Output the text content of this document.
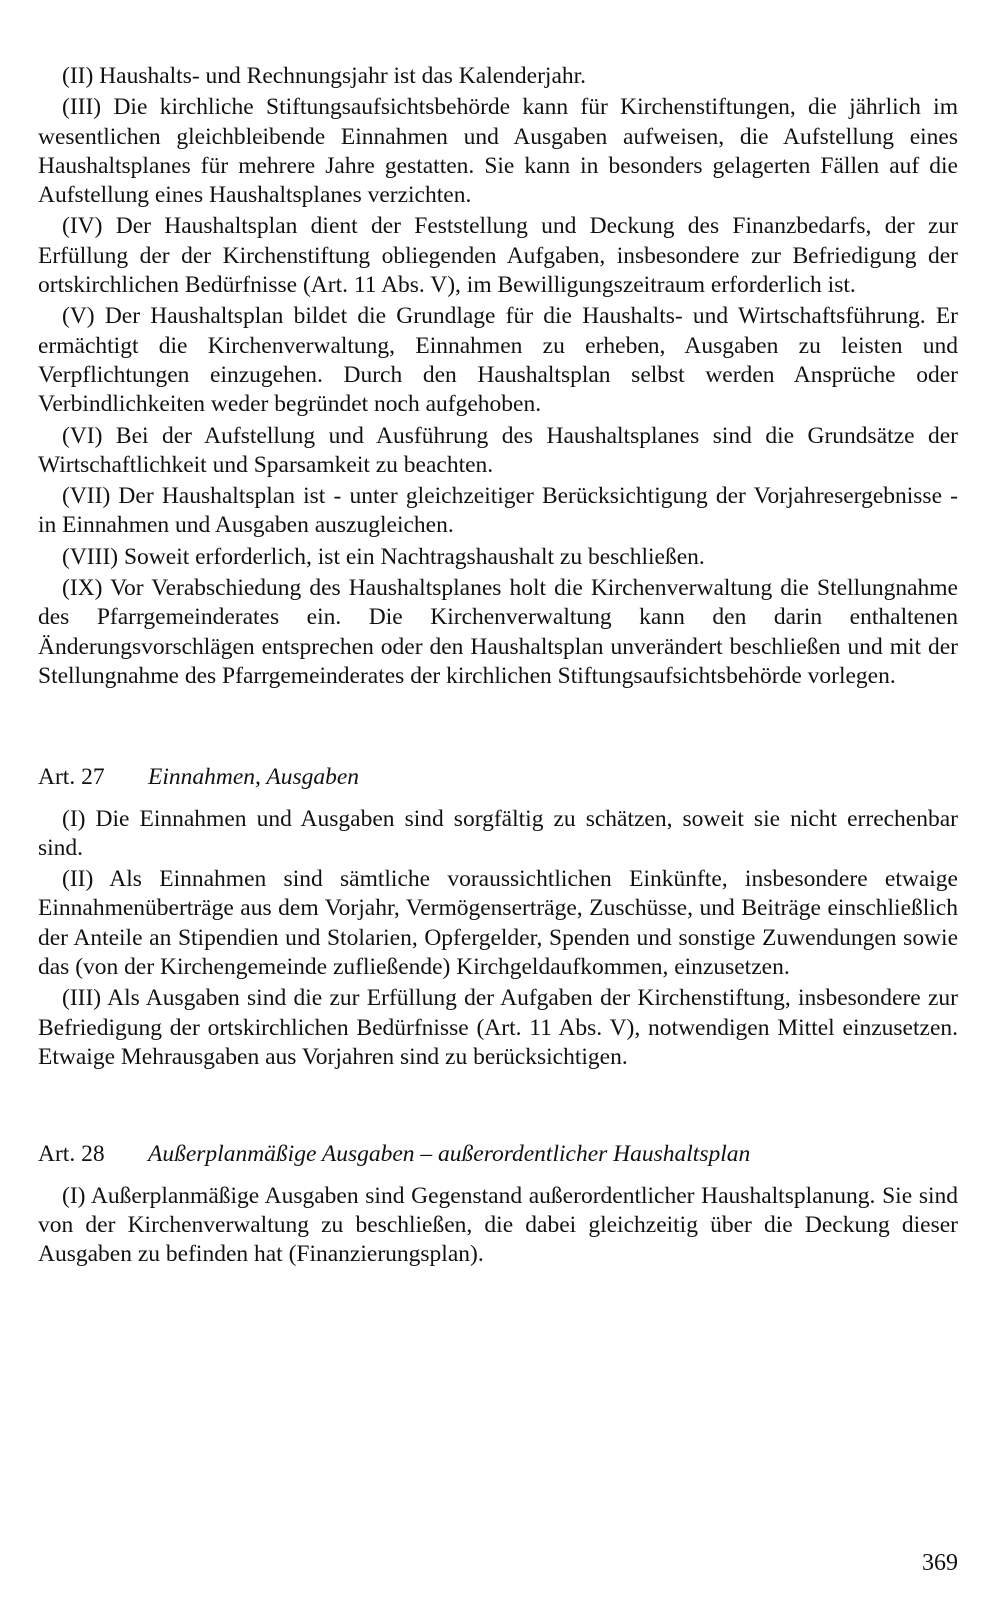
(II) Haushalts- und Rechnungsjahr ist das Kalenderjahr.

(III) Die kirchliche Stiftungsaufsichtsbehörde kann für Kirchenstiftungen, die jährlich im wesentlichen gleichbleibende Einnahmen und Ausgaben aufweisen, die Aufstellung eines Haushaltsplanes für mehrere Jahre gestatten. Sie kann in besonders gelagerten Fällen auf die Aufstellung eines Haushaltsplanes verzichten.

(IV) Der Haushaltsplan dient der Feststellung und Deckung des Finanzbedarfs, der zur Erfüllung der der Kirchenstiftung obliegenden Aufgaben, insbesondere zur Befriedigung der ortskirchlichen Bedürfnisse (Art. 11 Abs. V), im Bewilligungszeitraum erforderlich ist.

(V) Der Haushaltsplan bildet die Grundlage für die Haushalts- und Wirtschaftsführung. Er ermächtigt die Kirchenverwaltung, Einnahmen zu erheben, Ausgaben zu leisten und Verpflichtungen einzugehen. Durch den Haushaltsplan selbst werden Ansprüche oder Verbindlichkeiten weder begründet noch aufgehoben.

(VI) Bei der Aufstellung und Ausführung des Haushaltsplanes sind die Grundsätze der Wirtschaftlichkeit und Sparsamkeit zu beachten.

(VII) Der Haushaltsplan ist - unter gleichzeitiger Berücksichtigung der Vorjahresergebnisse - in Einnahmen und Ausgaben auszugleichen.

(VIII) Soweit erforderlich, ist ein Nachtragshaushalt zu beschließen.

(IX) Vor Verabschiedung des Haushaltsplanes holt die Kirchenverwaltung die Stellungnahme des Pfarrgemeinderates ein. Die Kirchenverwaltung kann den darin enthaltenen Änderungsvorschlägen entsprechen oder den Haushaltsplan unverändert beschließen und mit der Stellungnahme des Pfarrgemeinderates der kirchlichen Stiftungsaufsichtsbehörde vorlegen.

Art. 27 Einnahmen, Ausgaben

(I) Die Einnahmen und Ausgaben sind sorgfältig zu schätzen, soweit sie nicht errechenbar sind.

(II) Als Einnahmen sind sämtliche voraussichtlichen Einkünfte, insbesondere etwaige Einnahmenüberträge aus dem Vorjahr, Vermögenserträge, Zuschüsse, und Beiträge einschließlich der Anteile an Stipendien und Stolarien, Opfergelder, Spenden und sonstige Zuwendungen sowie das (von der Kirchengemeinde zufließende) Kirchgeldaufkommen, einzusetzen.

(III) Als Ausgaben sind die zur Erfüllung der Aufgaben der Kirchenstiftung, insbesondere zur Befriedigung der ortskirchlichen Bedürfnisse (Art. 11 Abs. V), notwendigen Mittel einzusetzen. Etwaige Mehrausgaben aus Vorjahren sind zu berücksichtigen.

Art. 28 Außerplanmäßige Ausgaben – außerordentlicher Haushaltsplan

(I) Außerplanmäßige Ausgaben sind Gegenstand außerordentlicher Haushaltsplanung. Sie sind von der Kirchenverwaltung zu beschließen, die dabei gleichzeitig über die Deckung dieser Ausgaben zu befinden hat (Finanzierungsplan).

369
